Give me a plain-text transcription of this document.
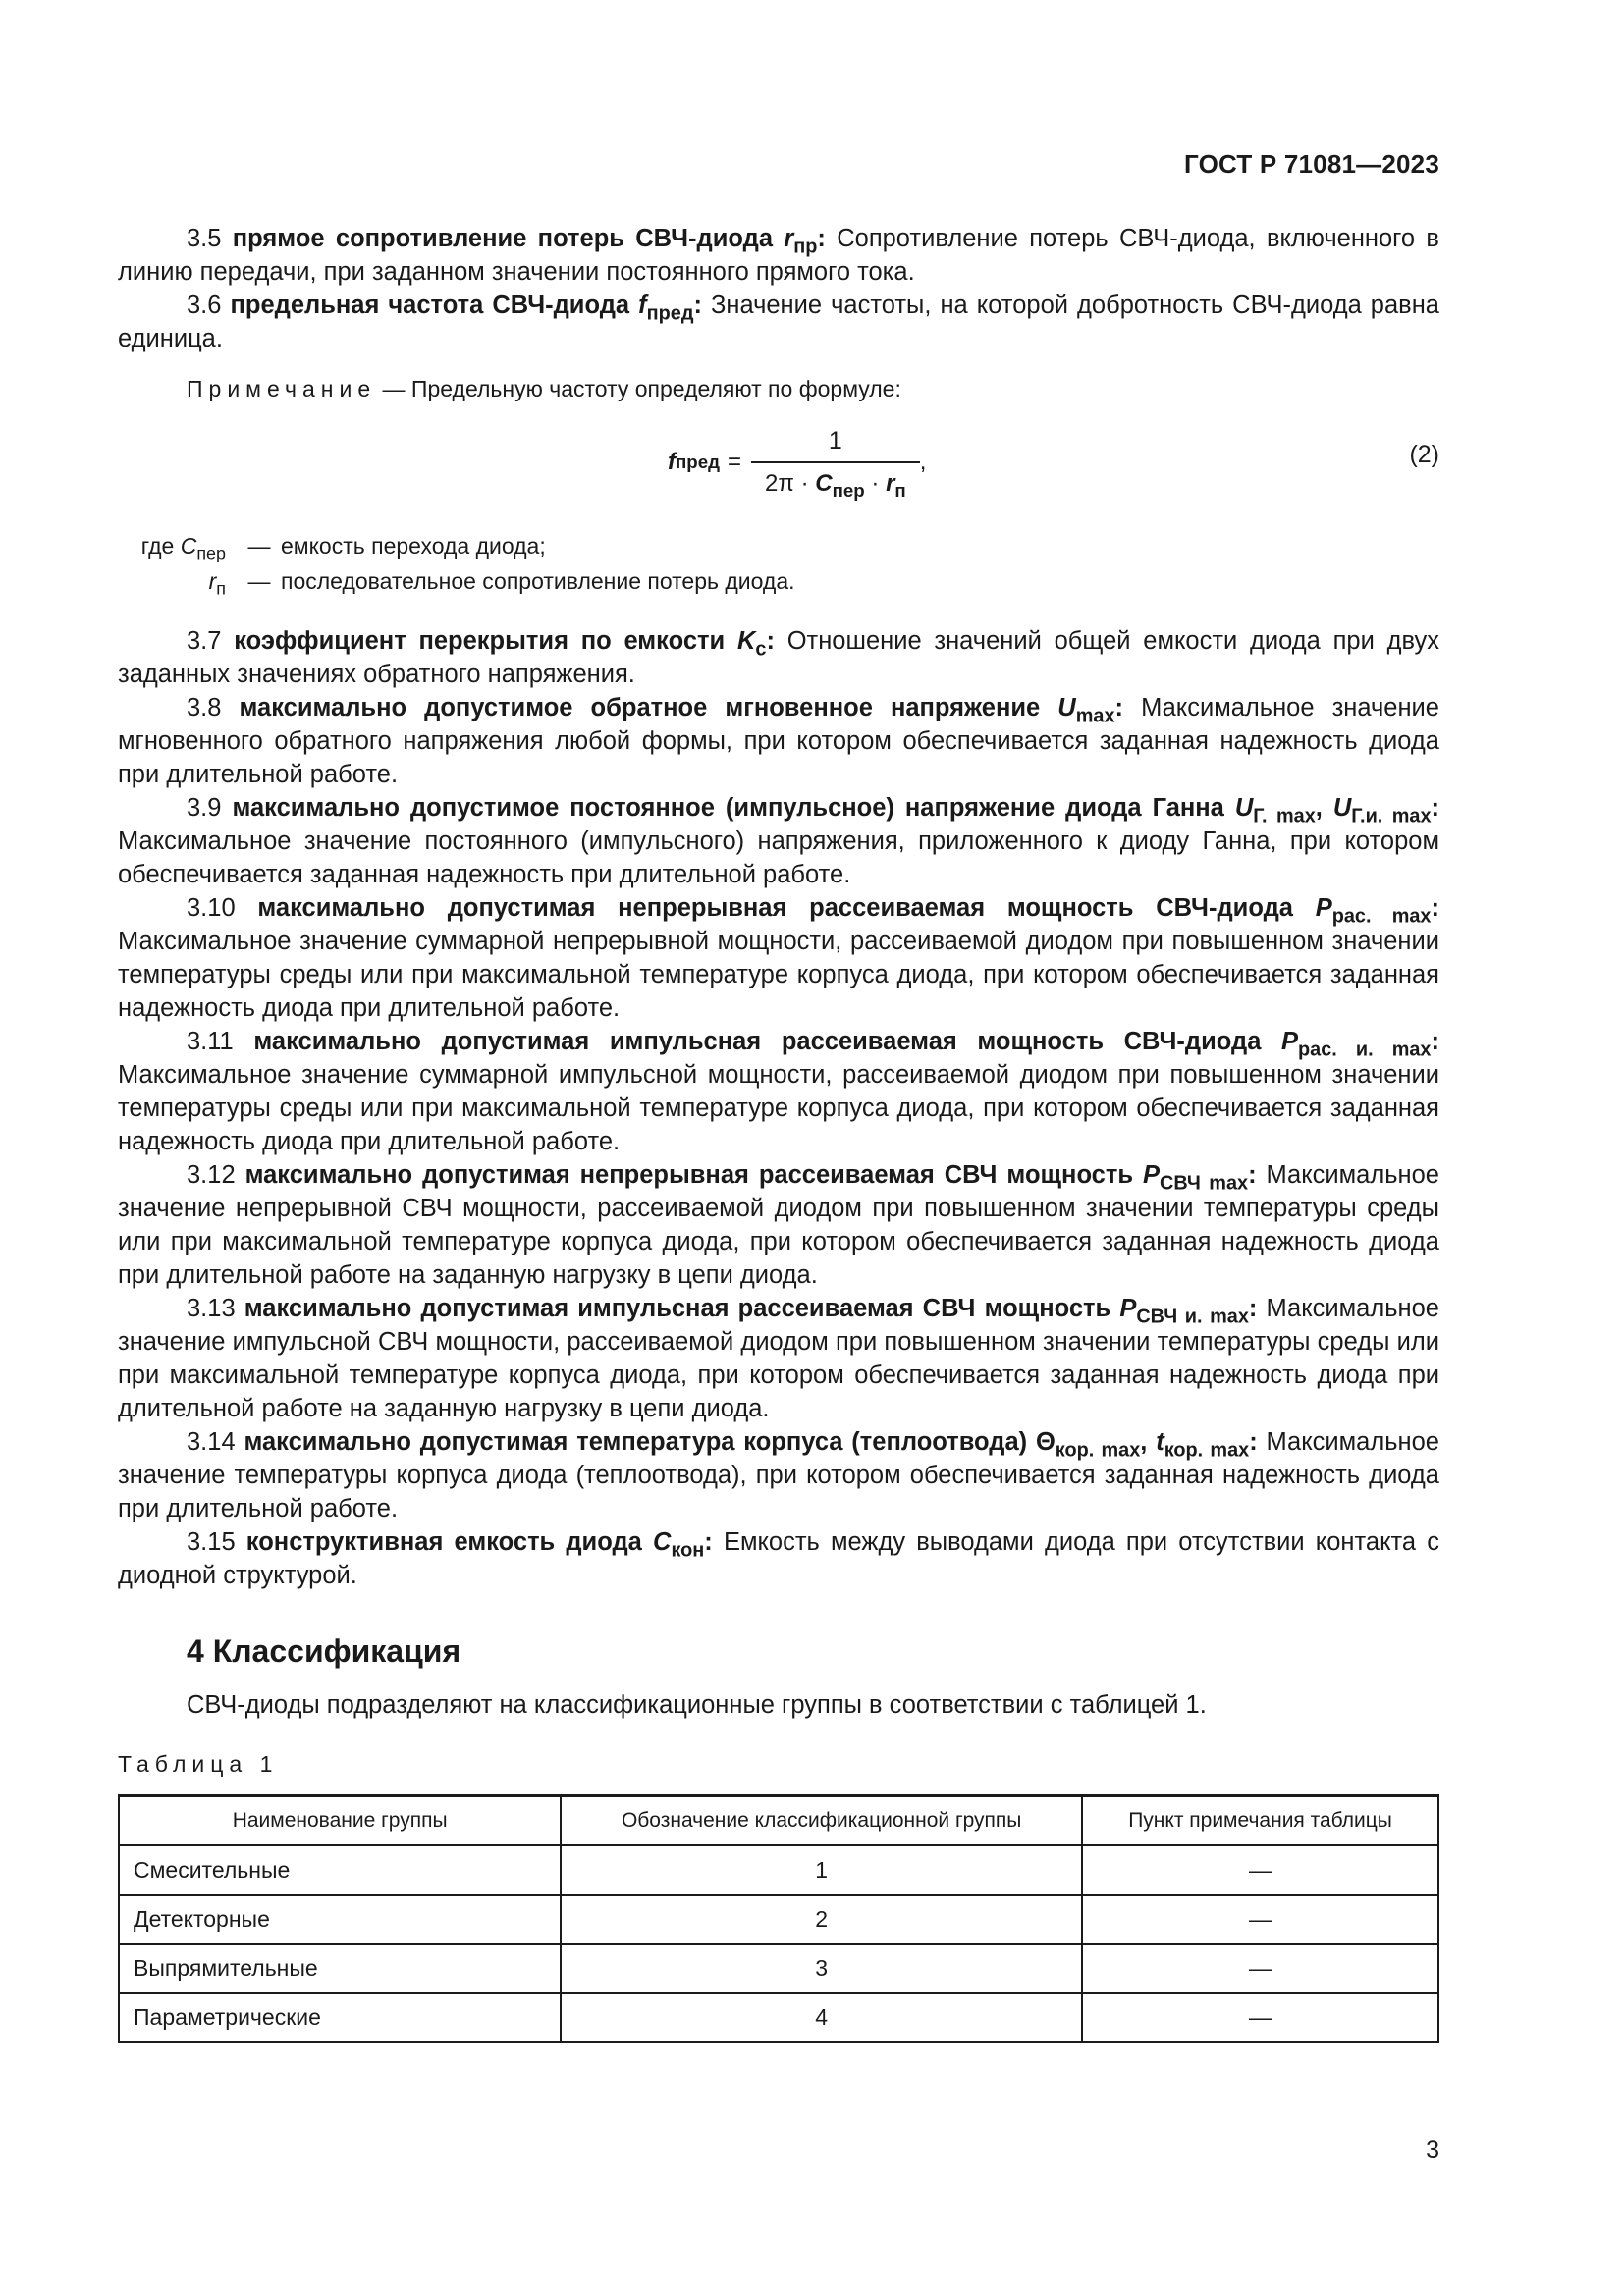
ГОСТ Р 71081—2023

3.5 прямое сопротивление потерь СВЧ-диода $r_{пр}$: Сопротивление потерь СВЧ-диода, включенного в линию передачи, при заданном значении постоянного прямого тока.

3.6 предельная частота СВЧ-диода $f_{пред}$: Значение частоты, на которой добротность СВЧ-диода равна единица.

Примечание — Предельную частоту определяют по формуле:

f пред = $\frac{1}{2\pi \cdot C_{пер} \cdot r_п}$ ,	(2)
где $C_{пер}$ — емкость перехода диода;
$r_п$ — последовательное сопротивление потерь диода.

3.7 коэффициент перекрытия по емкости $K_с$: Отношение значений общей емкости диода при двух заданных значениях обратного напряжения.

3.8 максимально допустимое обратное мгновенное напряжение $U_{max}$: Максимальное значение мгновенного обратного напряжения любой формы, при котором обеспечивается заданная надежность диода при длительной работе.

3.9 максимально допустимое постоянное (импульсное) напряжение диода Ганна $U_{Г. max}$, $U_{Г.и. max}$: Максимальное значение постоянного (импульсного) напряжения, приложенного к диоду Ганна, при котором обеспечивается заданная надежность при длительной работе.

3.10 максимально допустимая непрерывная рассеиваемая мощность СВЧ-диода $P_{рас. max}$: Максимальное значение суммарной непрерывной мощности, рассеиваемой диодом при повышенном значении температуры среды или при максимальной температуре корпуса диода, при котором обеспечивается заданная надежность диода при длительной работе.

3.11 максимально допустимая импульсная рассеиваемая мощность СВЧ-диода $P_{рас. и. max}$: Максимальное значение суммарной импульсной мощности, рассеиваемой диодом при повышенном значении температуры среды или при максимальной температуре корпуса диода, при котором обеспечивается заданная надежность диода при длительной работе.

3.12 максимально допустимая непрерывная рассеиваемая СВЧ мощность $P_{СВЧ max}$: Максимальное значение непрерывной СВЧ мощности, рассеиваемой диодом при повышенном значении температуры среды или при максимальной температуре корпуса диода, при котором обеспечивается заданная надежность диода при длительной работе на заданную нагрузку в цепи диода.

3.13 максимально допустимая импульсная рассеиваемая СВЧ мощность $P_{СВЧ и. max}$: Максимальное значение импульсной СВЧ мощности, рассеиваемой диодом при повышенном значении температуры среды или при максимальной температуре корпуса диода, при котором обеспечивается заданная надежность диода при длительной работе на заданную нагрузку в цепи диода.

3.14 максимально допустимая температура корпуса (теплоотвода) $\Theta_{кор. max}$, $t_{кор. max}$: Максимальное значение температуры корпуса диода (теплоотвода), при котором обеспечивается заданная надежность диода при длительной работе.

3.15 конструктивная емкость диода $C_{кон}$: Емкость между выводами диода при отсутствии контакта с диодной структурой.

4 Классификация

СВЧ-диоды подразделяют на классификационные группы в соответствии с таблицей 1.

Таблица 1
Наименование группы	Обозначение классификационной группы	Пункт примечания таблицы
Смесительные	1	—
Детекторные	2	—
Выпрямительные	3	—
Параметрические	4	—
3
